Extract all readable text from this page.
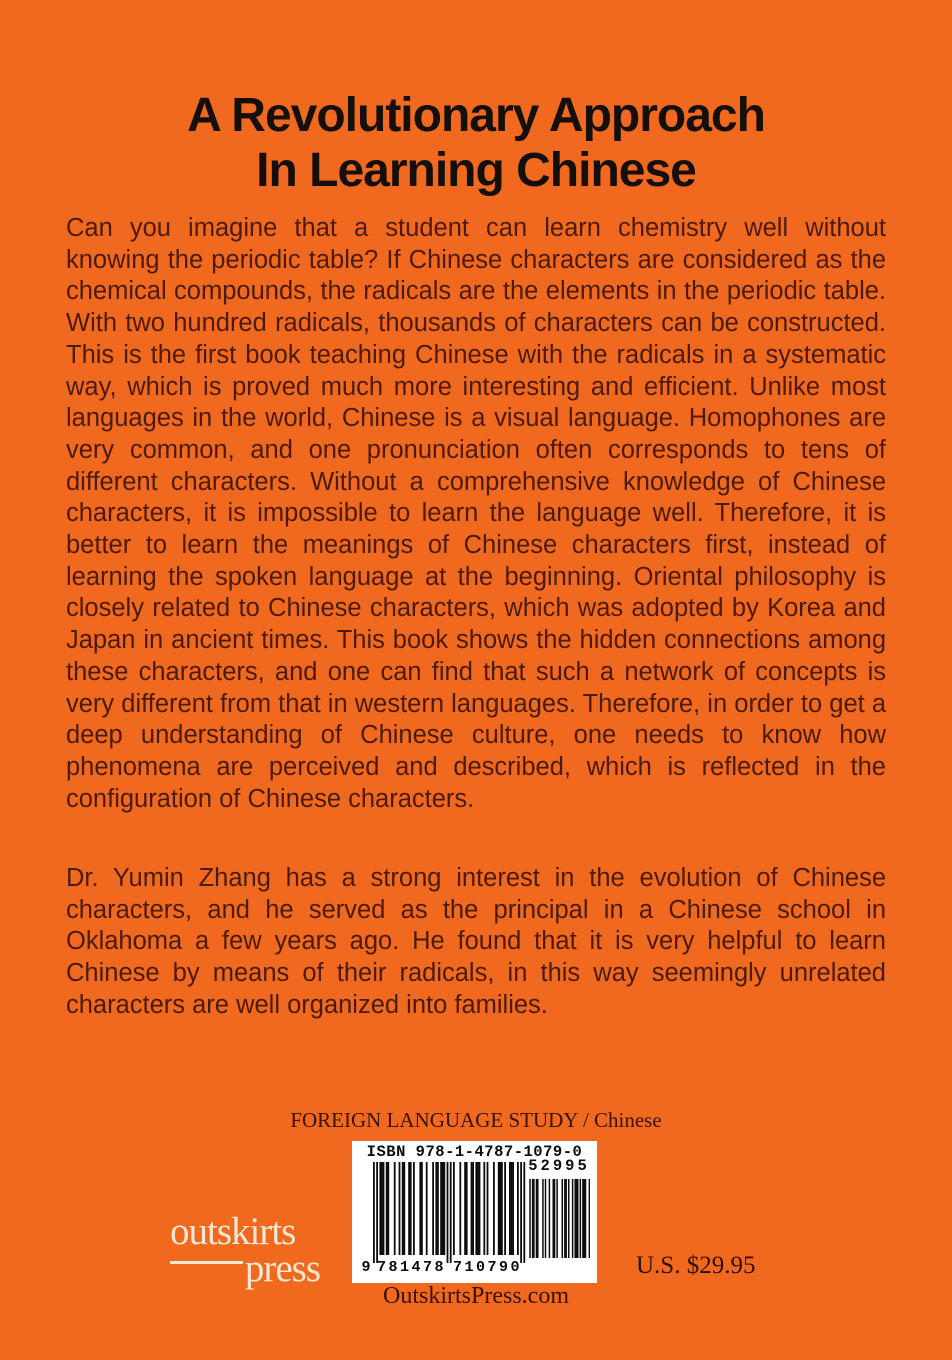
A Revolutionary Approach
In Learning Chinese

Can you imagine that a student can learn chemistry well without knowing the periodic table? If Chinese characters are considered as the chemical compounds, the radicals are the elements in the periodic table. With two hundred radicals, thousands of characters can be constructed. This is the first book teaching Chinese with the radicals in a systematic way, which is proved much more interesting and efficient. Unlike most languages in the world, Chinese is a visual language. Homophones are very common, and one pronunciation often corresponds to tens of different characters. Without a comprehensive knowledge of Chinese characters, it is impossible to learn the language well. Therefore, it is better to learn the meanings of Chinese characters first, instead of learning the spoken language at the beginning. Oriental philosophy is closely related to Chinese characters, which was adopted by Korea and Japan in ancient times. This book shows the hidden connections among these characters, and one can find that such a network of concepts is very different from that in western languages. Therefore, in order to get a deep understanding of Chinese culture, one needs to know how phenomena are perceived and described, which is reflected in the configuration of Chinese characters.

Dr. Yumin Zhang has a strong interest in the evolution of Chinese characters, and he served as the principal in a Chinese school in Oklahoma a few years ago. He found that it is very helpful to learn Chinese by means of their radicals, in this way seemingly unrelated characters are well organized into families.

FOREIGN LANGUAGE STUDY / Chinese
outskirts
press
ISBN 978-1-4787-1079-0
9 781478 710790
52995
U.S. $29.95
OutskirtsPress.com
